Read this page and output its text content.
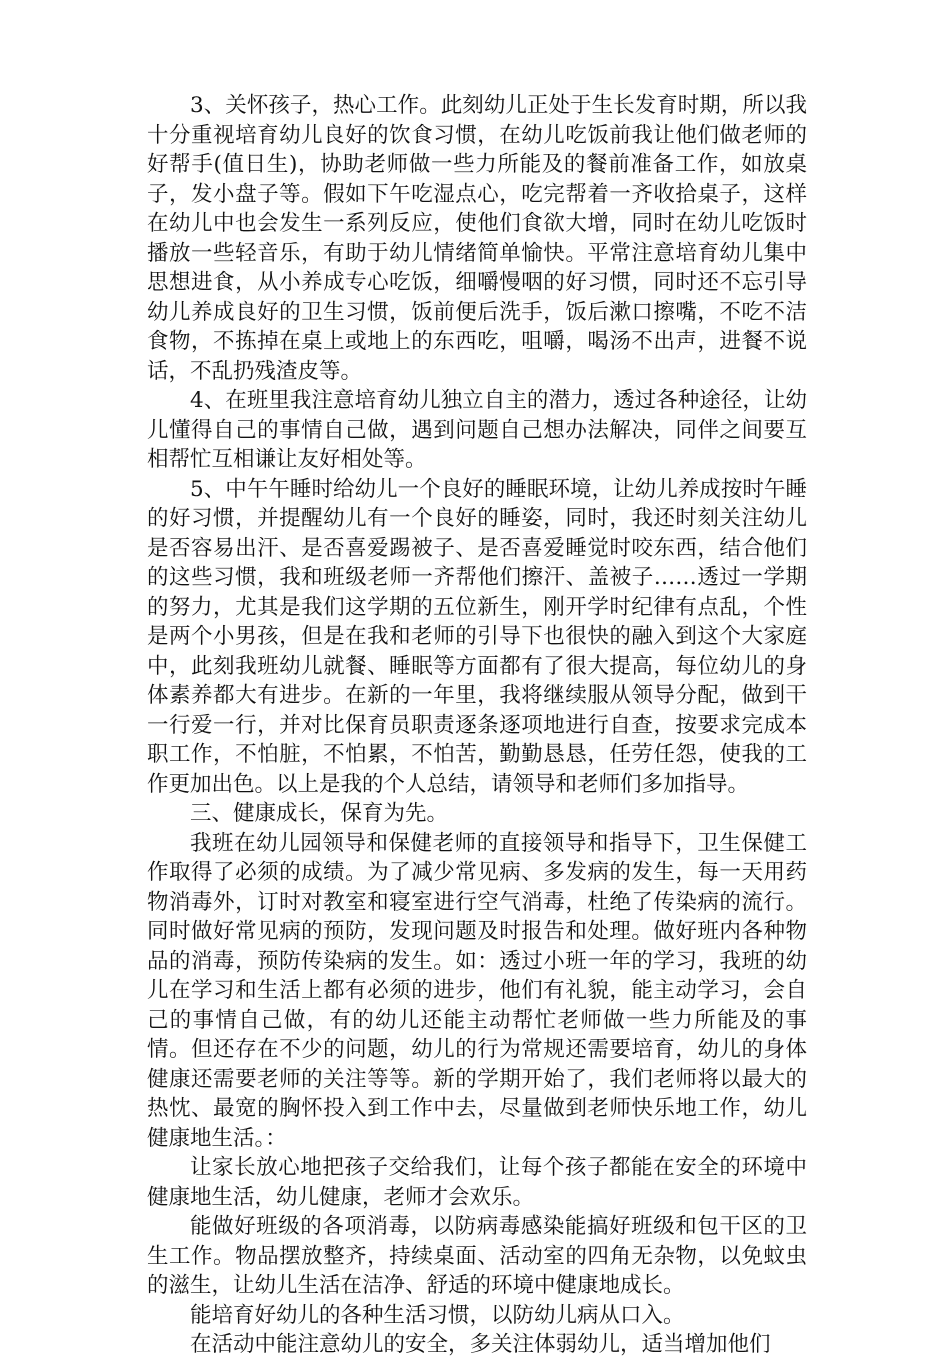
3、关怀孩子，热心工作。此刻幼儿正处于生长发育时期，所以我十分重视培育幼儿良好的饮食习惯，在幼儿吃饭前我让他们做老师的好帮手(值日生)，协助老师做一些力所能及的餐前准备工作，如放桌子，发小盘子等。假如下午吃湿点心，吃完帮着一齐收拾桌子，这样在幼儿中也会发生一系列反应，使他们食欲大增，同时在幼儿吃饭时播放一些轻音乐，有助于幼儿情绪简单愉快。平常注意培育幼儿集中思想进食，从小养成专心吃饭，细嚼慢咽的好习惯，同时还不忘引导幼儿养成良好的卫生习惯，饭前便后洗手，饭后漱口擦嘴，不吃不洁食物，不拣掉在桌上或地上的东西吃，咀嚼，喝汤不出声，进餐不说话，不乱扔残渣皮等。

4、在班里我注意培育幼儿独立自主的潜力，透过各种途径，让幼儿懂得自己的事情自己做，遇到问题自己想办法解决，同伴之间要互相帮忙互相谦让友好相处等。

5、中午午睡时给幼儿一个良好的睡眠环境，让幼儿养成按时午睡的好习惯，并提醒幼儿有一个良好的睡姿，同时，我还时刻关注幼儿是否容易出汗、是否喜爱踢被子、是否喜爱睡觉时咬东西，结合他们的这些习惯，我和班级老师一齐帮他们擦汗、盖被子……透过一学期的努力，尤其是我们这学期的五位新生，刚开学时纪律有点乱，个性是两个小男孩，但是在我和老师的引导下也很快的融入到这个大家庭中，此刻我班幼儿就餐、睡眠等方面都有了很大提高，每位幼儿的身体素养都大有进步。在新的一年里，我将继续服从领导分配，做到干一行爱一行，并对比保育员职责逐条逐项地进行自查，按要求完成本职工作，不怕脏，不怕累，不怕苦，勤勤恳恳，任劳任怨，使我的工作更加出色。以上是我的个人总结，请领导和老师们多加指导。

三、健康成长，保育为先。

我班在幼儿园领导和保健老师的直接领导和指导下，卫生保健工作取得了必须的成绩。为了减少常见病、多发病的发生，每一天用药物消毒外，订时对教室和寝室进行空气消毒，杜绝了传染病的流行。同时做好常见病的预防，发现问题及时报告和处理。做好班内各种物品的消毒，预防传染病的发生。如：透过小班一年的学习，我班的幼儿在学习和生活上都有必须的进步，他们有礼貌，能主动学习，会自己的事情自己做，有的幼儿还能主动帮忙老师做一些力所能及的事情。但还存在不少的问题，幼儿的行为常规还需要培育，幼儿的身体健康还需要老师的关注等等。新的学期开始了，我们老师将以最大的热忱、最宽的胸怀投入到工作中去，尽量做到老师快乐地工作，幼儿健康地生活。：

让家长放心地把孩子交给我们，让每个孩子都能在安全的环境中健康地生活，幼儿健康，老师才会欢乐。

能做好班级的各项消毒，以防病毒感染能搞好班级和包干区的卫生工作。物品摆放整齐，持续桌面、活动室的四角无杂物，以免蚊虫的滋生，让幼儿生活在洁净、舒适的环境中健康地成长。

能培育好幼儿的各种生活习惯，以防幼儿病从口入。

在活动中能注意幼儿的安全，多关注体弱幼儿，适当增加他们
